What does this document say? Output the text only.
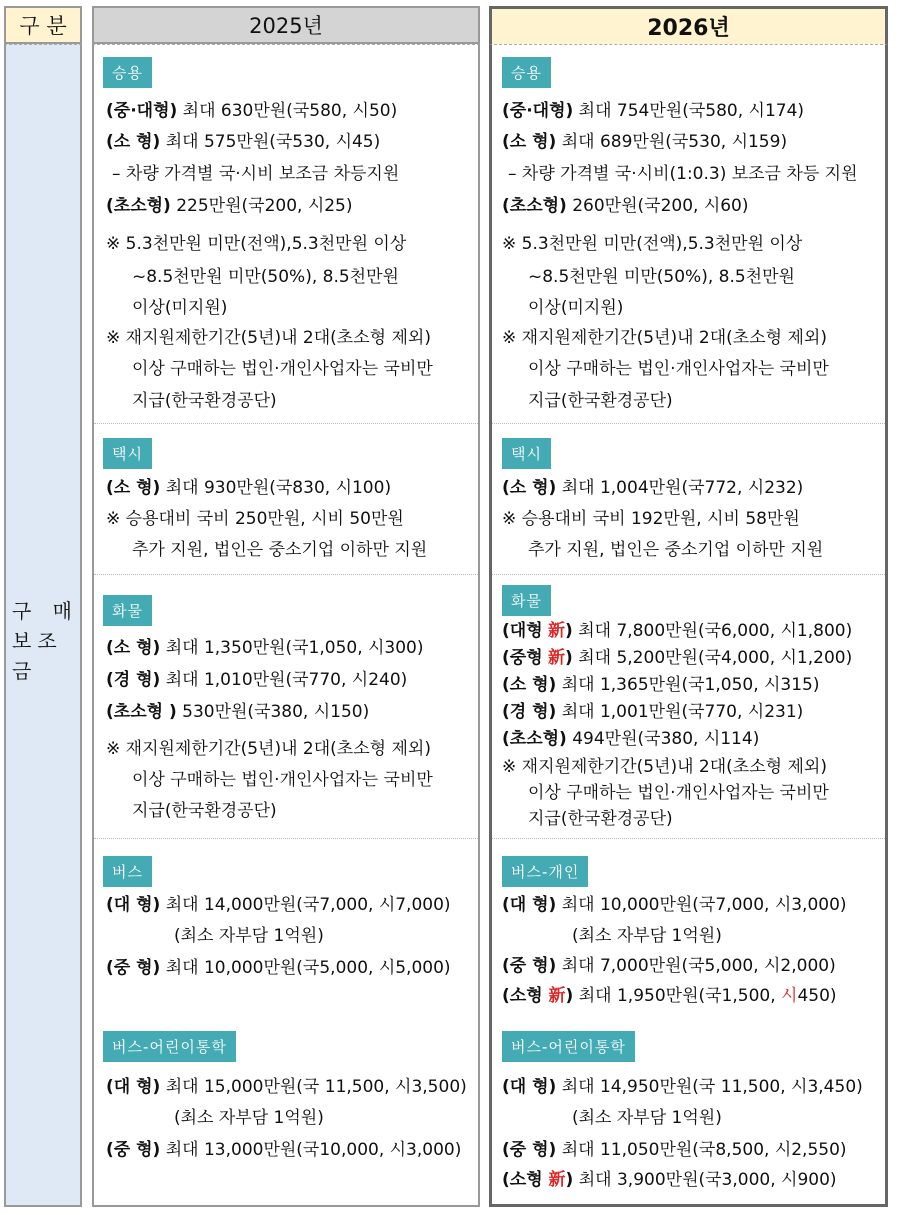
구 분	2025년	2026년
구 매
보조금
승용
(중·대형) 최대 630만원(국580, 시50)
(소 형) 최대 575만원(국530, 시45)
– 차량 가격별 국·시비 보조금 차등지원
(초소형) 225만원(국200, 시25)
※ 5.3천만원 미만(전액),5.3천만원 이상
~8.5천만원 미만(50%), 8.5천만원
이상(미지원)
※ 재지원제한기간(5년)내 2대(초소형 제외)
이상 구매하는 법인·개인사업자는 국비만
지급(한국환경공단)
택시
(소 형) 최대 930만원(국830, 시100)
※ 승용대비 국비 250만원, 시비 50만원
추가 지원, 법인은 중소기업 이하만 지원
화물
(소 형) 최대 1,350만원(국1,050, 시300)
(경 형) 최대 1,010만원(국770, 시240)
(초소형 ) 530만원(국380, 시150)
※ 재지원제한기간(5년)내 2대(초소형 제외)
이상 구매하는 법인·개인사업자는 국비만
지급(한국환경공단)
버스
(대 형) 최대 14,000만원(국7,000, 시7,000)
(최소 자부담 1억원)
(중 형) 최대 10,000만원(국5,000, 시5,000)
버스-어린이통학
(대 형) 최대 15,000만원(국 11,500, 시3,500)
(최소 자부담 1억원)
(중 형) 최대 13,000만원(국10,000, 시3,000)
승용
(중·대형) 최대 754만원(국580, 시174)
(소 형) 최대 689만원(국530, 시159)
– 차량 가격별 국·시비(1:0.3) 보조금 차등 지원
(초소형) 260만원(국200, 시60)
※ 5.3천만원 미만(전액),5.3천만원 이상
~8.5천만원 미만(50%), 8.5천만원
이상(미지원)
※ 재지원제한기간(5년)내 2대(초소형 제외)
이상 구매하는 법인·개인사업자는 국비만
지급(한국환경공단)
택시
(소 형) 최대 1,004만원(국772, 시232)
※ 승용대비 국비 192만원, 시비 58만원
추가 지원, 법인은 중소기업 이하만 지원
화물
(대형 新) 최대 7,800만원(국6,000, 시1,800)
(중형 新) 최대 5,200만원(국4,000, 시1,200)
(소 형) 최대 1,365만원(국1,050, 시315)
(경 형) 최대 1,001만원(국770, 시231)
(초소형) 494만원(국380, 시114)
※ 재지원제한기간(5년)내 2대(초소형 제외)
이상 구매하는 법인·개인사업자는 국비만
지급(한국환경공단)
버스-개인
(대 형) 최대 10,000만원(국7,000, 시3,000)
(최소 자부담 1억원)
(중 형) 최대 7,000만원(국5,000, 시2,000)
(소형 新) 최대 1,950만원(국1,500, 시450)
버스-어린이통학
(대 형) 최대 14,950만원(국 11,500, 시3,450)
(최소 자부담 1억원)
(중 형) 최대 11,050만원(국8,500, 시2,550)
(소형 新) 최대 3,900만원(국3,000, 시900)
